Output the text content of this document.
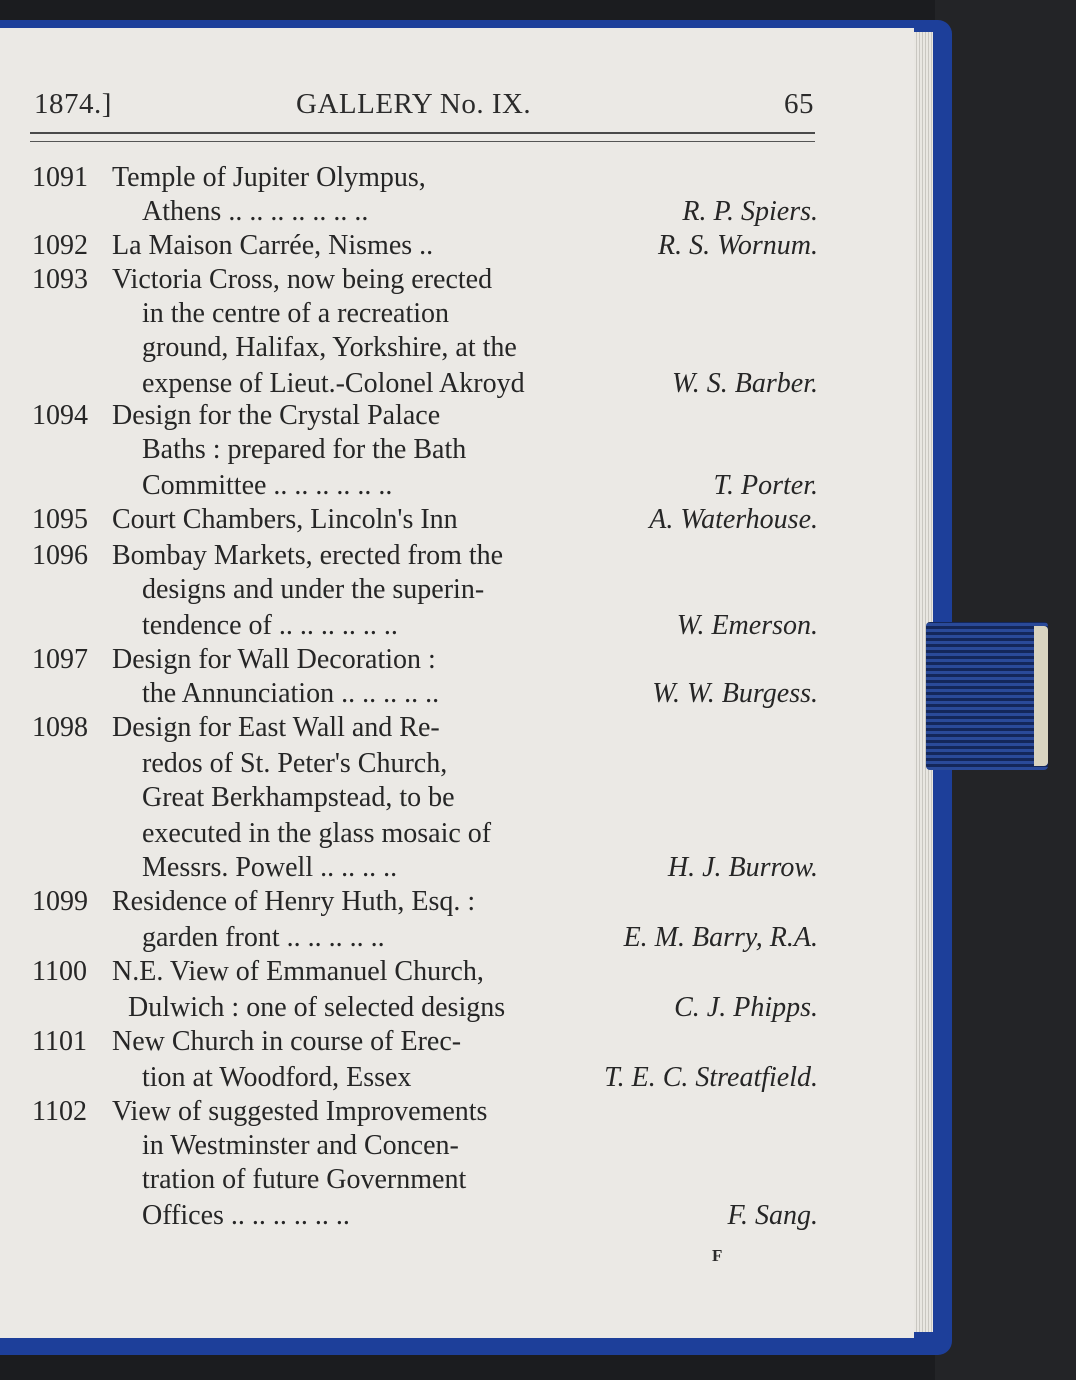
1874.]	GALLERY No. IX.	65
1091 Temple of Jupiter Olympus,
Athens .. .. .. .. .. .. ..	R. P. Spiers.
1092 La Maison Carrée, Nismes ..	R. S. Wornum.
1093 Victoria Cross, now being erected
in the centre of a recreation
ground, Halifax, Yorkshire, at the
expense of Lieut.-Colonel Akroyd	W. S. Barber.
1094 Design for the Crystal Palace
Baths : prepared for the Bath
Committee .. .. .. .. .. ..	T. Porter.
1095 Court Chambers, Lincoln's Inn	A. Waterhouse.
1096 Bombay Markets, erected from the
designs and under the superin-
tendence of .. .. .. .. .. ..	W. Emerson.
1097 Design for Wall Decoration :
the Annunciation .. .. .. .. ..	W. W. Burgess.
1098 Design for East Wall and Re-
redos of St. Peter's Church,
Great Berkhampstead, to be
executed in the glass mosaic of
Messrs. Powell .. .. .. ..	H. J. Burrow.
1099 Residence of Henry Huth, Esq. :
garden front .. .. .. .. ..	E. M. Barry, R.A.
1100 N.E. View of Emmanuel Church,
Dulwich : one of selected designs	C. J. Phipps.
1101 New Church in course of Erec-
tion at Woodford, Essex	T. E. C. Streatfield.
1102 View of suggested Improvements
in Westminster and Concen-
tration of future Government
Offices .. .. .. .. .. ..	F. Sang.
F
